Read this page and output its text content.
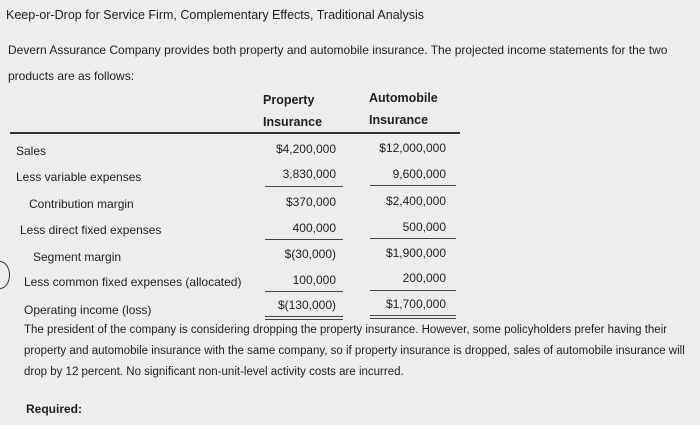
Keep-or-Drop for Service Firm, Complementary Effects, Traditional Analysis
Devern Assurance Company provides both property and automobile insurance. The projected income statements for the two products are as follows:
Property
Insurance
Automobile
Insurance
Sales
Less variable expenses
Contribution margin
Less direct fixed expenses
Segment margin
Less common fixed expenses (allocated)
Operating income (loss)
$4,200,000
3,830,000
$370,000
400,000
$(30,000)
100,000
$(130,000)
$12,000,000
9,600,000
$2,400,000
500,000
$1,900,000
200,000
$1,700,000
The president of the company is considering dropping the property insurance. However, some policyholders prefer having their property and automobile insurance with the same company, so if property insurance is dropped, sales of automobile insurance will drop by 12 percent. No significant non-unit-level activity costs are incurred.
Required:
